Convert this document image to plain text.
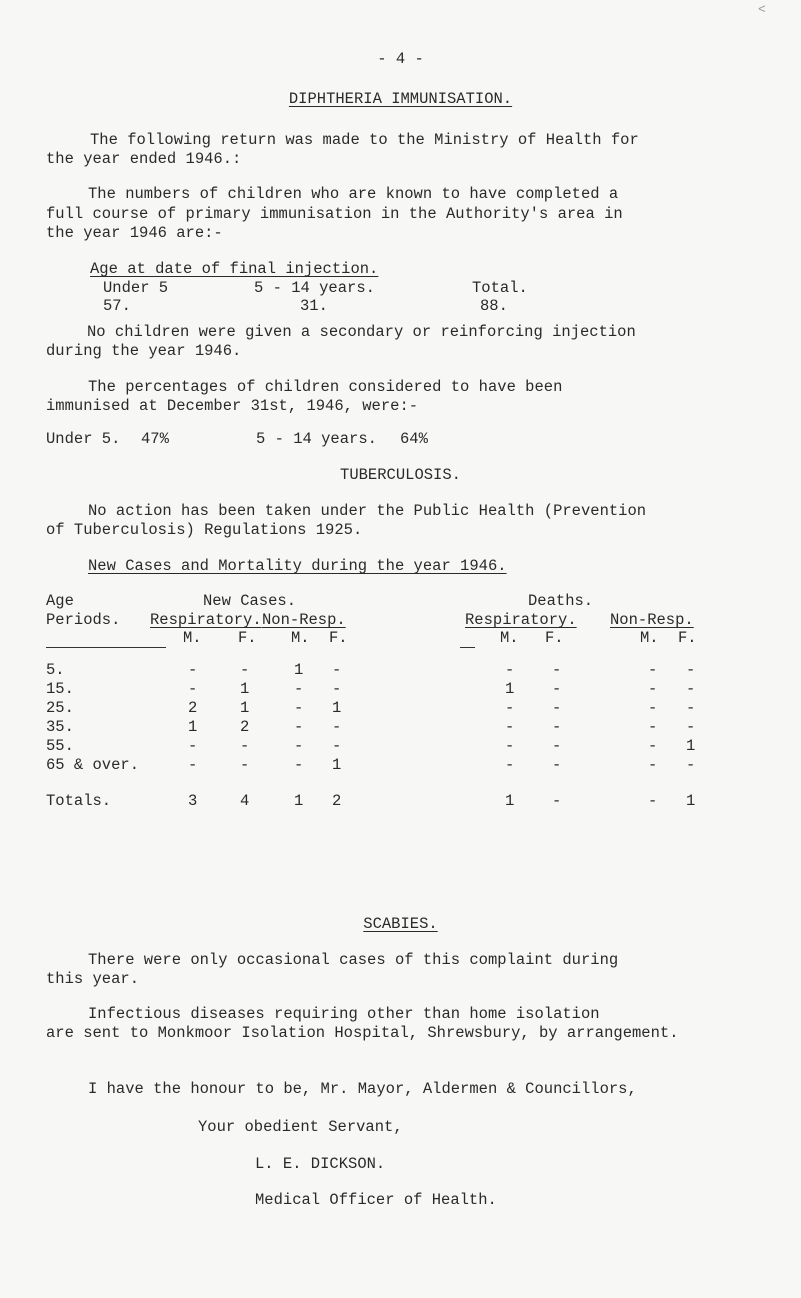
<
- 4 -
DIPHTHERIA IMMUNISATION.
The following return was made to the Ministry of Health for
the year ended 1946.:
The numbers of children who are known to have completed a
full course of primary immunisation in the Authority's area in
the year 1946 are:-
Age at date of final injection.
Under 5	5 - 14 years.	Total.
57.	31.	88.
No children were given a secondary or reinforcing injection
during the year 1946.
The percentages of children considered to have been
immunised at December 31st, 1946, were:-
Under 5. 47%	5 - 14 years. 64%
TUBERCULOSIS.
No action has been taken under the Public Health (Prevention
of Tuberculosis) Regulations 1925.
New Cases and Mortality during the year 1946.
Age
Periods.
New Cases.	Deaths.
Respiratory. Non-Resp.	Respiratory. Non-Resp.
M. F. M. F.	M. F.	M. F.
5.	-	-	1 -	- -	- -
15.	-	1	- -	1 -	- -
25.	2	1	- 1	- -	- -
35.	1	2	- -	- -	- -
55.	-	-	- -	- -	- 1
65 & over.	-	-	- 1	- -	- -
Totals.	3	4	1 2	1 -	- 1
SCABIES.
There were only occasional cases of this complaint during
this year.
Infectious diseases requiring other than home isolation
are sent to Monkmoor Isolation Hospital, Shrewsbury, by arrangement.
I have the honour to be, Mr. Mayor, Aldermen & Councillors,
Your obedient Servant,
L. E. DICKSON.
Medical Officer of Health.
